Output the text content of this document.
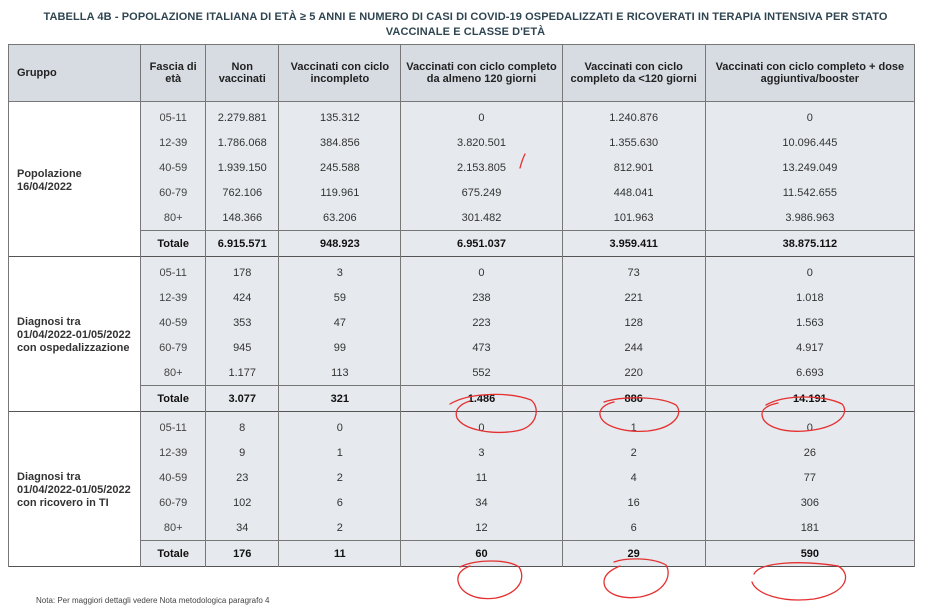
TABELLA 4B - POPOLAZIONE ITALIANA DI ETÀ ≥ 5 ANNI E NUMERO DI CASI DI COVID-19 OSPEDALIZZATI E RICOVERATI IN TERAPIA INTENSIVA PER STATO
VACCINALE E CLASSE D'ETÀ
Gruppo	Fascia di età	Non vaccinati	Vaccinati con ciclo incompleto	Vaccinati con ciclo completo da almeno 120 giorni	Vaccinati con ciclo completo da <120 giorni	Vaccinati con ciclo completo + dose aggiuntiva/booster
Popolazione 16/04/2022	05-11	2.279.881	135.312	0	1.240.876	0
	12-39	1.786.068	384.856	3.820.501	1.355.630	10.096.445
	40-59	1.939.150	245.588	2.153.805	812.901	13.249.049
	60-79	762.106	119.961	675.249	448.041	11.542.655
	80+	148.366	63.206	301.482	101.963	3.986.963
	Totale	6.915.571	948.923	6.951.037	3.959.411	38.875.112
Diagnosi tra 01/04/2022-01/05/2022 con ospedalizzazione	05-11	178	3	0	73	0
	12-39	424	59	238	221	1.018
	40-59	353	47	223	128	1.563
	60-79	945	99	473	244	4.917
	80+	1.177	113	552	220	6.693
	Totale	3.077	321	1.486	886	14.191
Diagnosi tra 01/04/2022-01/05/2022 con ricovero in TI	05-11	8	0	0	1	0
	12-39	9	1	3	2	26
	40-59	23	2	11	4	77
	60-79	102	6	34	16	306
	80+	34	2	12	6	181
	Totale	176	11	60	29	590
Nota: Per maggiori dettagli vedere Nota metodologica paragrafo 4
